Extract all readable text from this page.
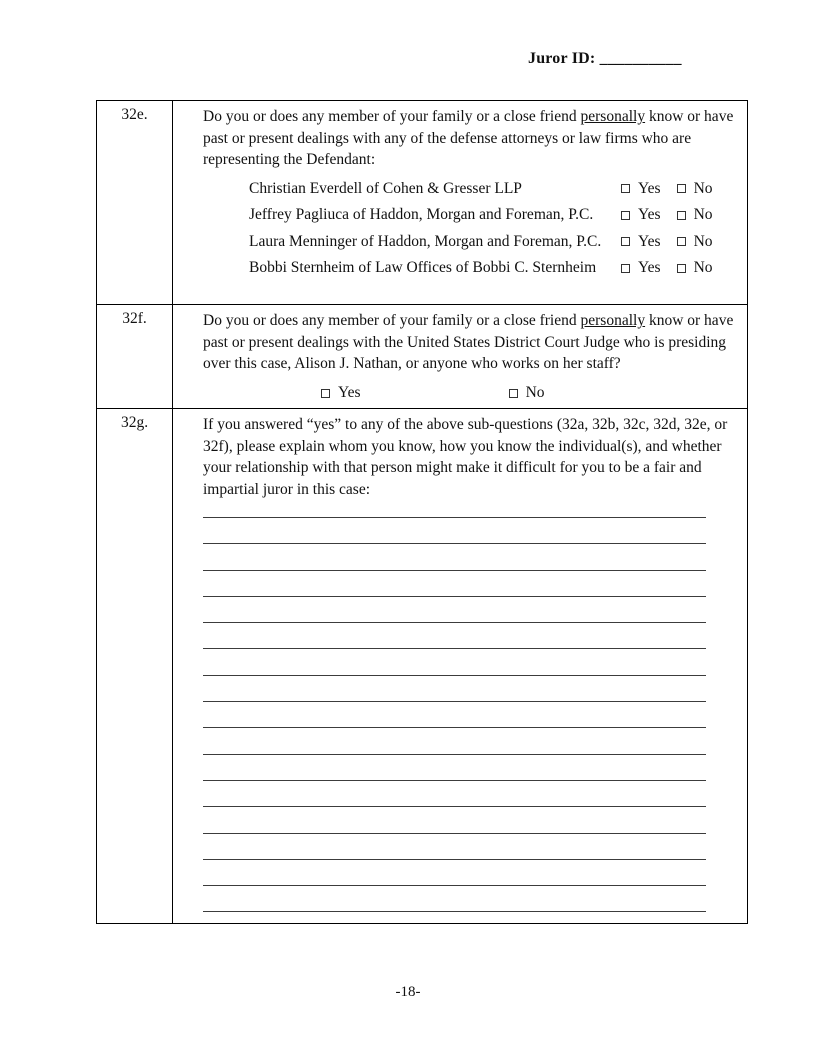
Juror ID: __________
32e.	Do you or does any member of your family or a close friend personally know or have past or present dealings with any of the defense attorneys or law firms who are representing the Defendant:
Christian Everdell of Cohen & Gresser LLP	Yes No
Jeffrey Pagliuca of Haddon, Morgan and Foreman, P.C.	Yes No
Laura Menninger of Haddon, Morgan and Foreman, P.C.	Yes No
Bobbi Sternheim of Law Offices of Bobbi C. Sternheim	Yes No
32f.	Do you or does any member of your family or a close friend personally know or have past or present dealings with the United States District Court Judge who is presiding over this case, Alison J. Nathan, or anyone who works on her staff?
Yes	No
32g.	If you answered “yes” to any of the above sub-questions (32a, 32b, 32c, 32d, 32e, or 32f), please explain whom you know, how you know the individual(s), and whether your relationship with that person might make it difficult for you to be a fair and impartial juror in this case:
-18-
